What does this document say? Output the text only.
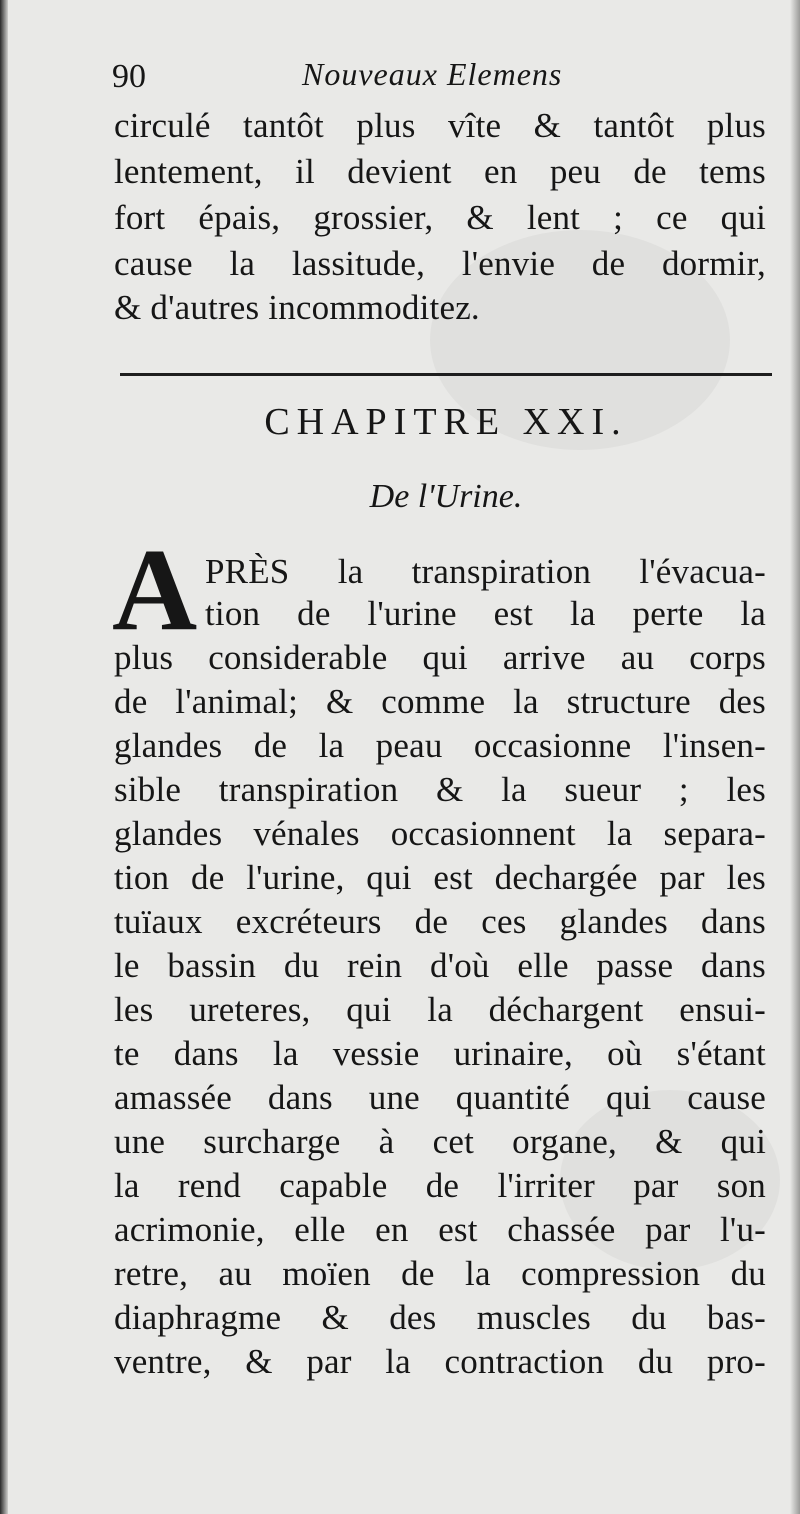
90	Nouveaux Elemens
circulé tantôt plus vîte & tantôt plus
lentement, il devient en peu de tems
fort épais, grossier, & lent ; ce qui
cause la lassitude, l'envie de dormir,
& d'autres incommoditez.
CHAPITRE XXI.
De l'Urine.
A PRÈS la transpiration l'évacua-
tion de l'urine est la perte la
plus considerable qui arrive au corps
de l'animal; & comme la structure des
glandes de la peau occasionne l'insen-
sible transpiration & la sueur ; les
glandes vénales occasionnent la separa-
tion de l'urine, qui est dechargée par les
tuïaux excréteurs de ces glandes dans
le bassin du rein d'où elle passe dans
les ureteres, qui la déchargent ensui-
te dans la vessie urinaire, où s'étant
amassée dans une quantité qui cause
une surcharge à cet organe, & qui
la rend capable de l'irriter par son
acrimonie, elle en est chassée par l'u-
retre, au moïen de la compression du
diaphragme & des muscles du bas-
ventre, & par la contraction du pro-
